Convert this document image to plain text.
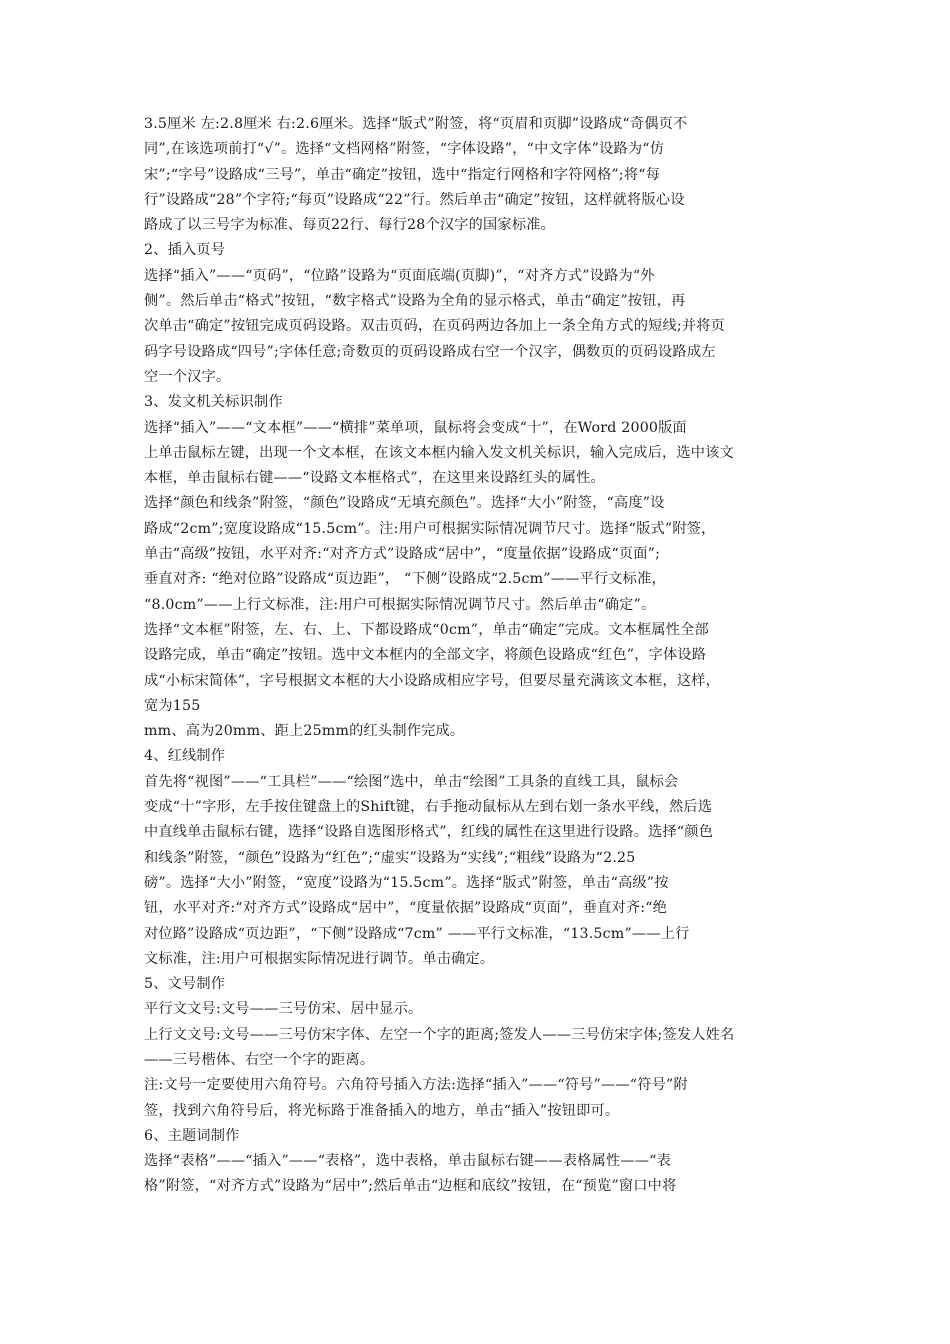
3.5厘米 左:2.8厘米 右:2.6厘米。选择“版式”附签，将“页眉和页脚”设路成“奇偶页不
同”,在该选项前打“√”。选择“文档网格”附签，“字体设路”，“中文字体”设路为“仿
宋”;“字号”设路成“三号”，单击“确定”按钮，选中“指定行网格和字符网格”;将“每
行”设路成“28”个字符;“每页”设路成“22”行。然后单击“确定”按钮，这样就将版心设
路成了以三号字为标准、每页22行、每行28个汉字的国家标准。
2、插入页号
选择“插入”——“页码”，“位路”设路为“页面底端(页脚)”，“对齐方式”设路为“外
侧”。然后单击“格式”按钮，“数字格式”设路为全角的显示格式，单击“确定”按钮，再
次单击“确定”按钮完成页码设路。双击页码，在页码两边各加上一条全角方式的短线;并将页
码字号设路成“四号”;字体任意;奇数页的页码设路成右空一个汉字，偶数页的页码设路成左
空一个汉字。
3、发文机关标识制作
选择“插入”——“文本框”——“横排”菜单项，鼠标将会变成“十”，在Word 2000版面
上单击鼠标左键，出现一个文本框，在该文本框内输入发文机关标识，输入完成后，选中该文
本框，单击鼠标右键——“设路文本框格式”，在这里来设路红头的属性。
选择“颜色和线条”附签，“颜色”设路成“无填充颜色”。选择“大小”附签，“高度”设
路成“2cm”;宽度设路成“15.5cm”。注:用户可根据实际情况调节尺寸。选择“版式”附签，
单击“高级”按钮，水平对齐:“对齐方式”设路成“居中”，“度量依据”设路成“页面”;
垂直对齐: “绝对位路”设路成“页边距”， “下侧”设路成“2.5cm”——平行文标准，
“8.0cm”——上行文标准，注:用户可根据实际情况调节尺寸。然后单击“确定”。
选择“文本框”附签，左、右、上、下都设路成“0cm”，单击“确定”完成。文本框属性全部
设路完成，单击“确定”按钮。选中文本框内的全部文字，将颜色设路成“红色”，字体设路
成“小标宋简体”，字号根据文本框的大小设路成相应字号，但要尽量充满该文本框，这样，
宽为155
mm、高为20mm、距上25mm的红头制作完成。
4、红线制作
首先将“视图”——“工具栏”——“绘图”选中，单击“绘图”工具条的直线工具，鼠标会
变成“十”字形，左手按住键盘上的Shift键，右手拖动鼠标从左到右划一条水平线，然后选
中直线单击鼠标右键，选择“设路自选图形格式”，红线的属性在这里进行设路。选择“颜色
和线条”附签，“颜色”设路为“红色”;“虚实”设路为“实线”;“粗线”设路为“2.25
磅”。选择“大小”附签，“宽度”设路为“15.5cm”。选择“版式”附签，单击“高级”按
钮，水平对齐:“对齐方式”设路成“居中”，“度量依据”设路成“页面”，垂直对齐:“绝
对位路”设路成“页边距”，“下侧”设路成“7cm” ——平行文标准，“13.5cm”——上行
文标准，注:用户可根据实际情况进行调节。单击确定。
5、文号制作
平行文文号:文号——三号仿宋、居中显示。
上行文文号:文号——三号仿宋字体、左空一个字的距离;签发人——三号仿宋字体;签发人姓名
——三号楷体、右空一个字的距离。
注:文号一定要使用六角符号。六角符号插入方法:选择“插入”——“符号”——“符号”附
签，找到六角符号后，将光标路于准备插入的地方，单击“插入”按钮即可。
6、主题词制作
选择“表格”——“插入”——“表格”，选中表格，单击鼠标右键——表格属性——“表
格”附签，“对齐方式”设路为“居中”;然后单击“边框和底纹”按钮，在“预览”窗口中将
